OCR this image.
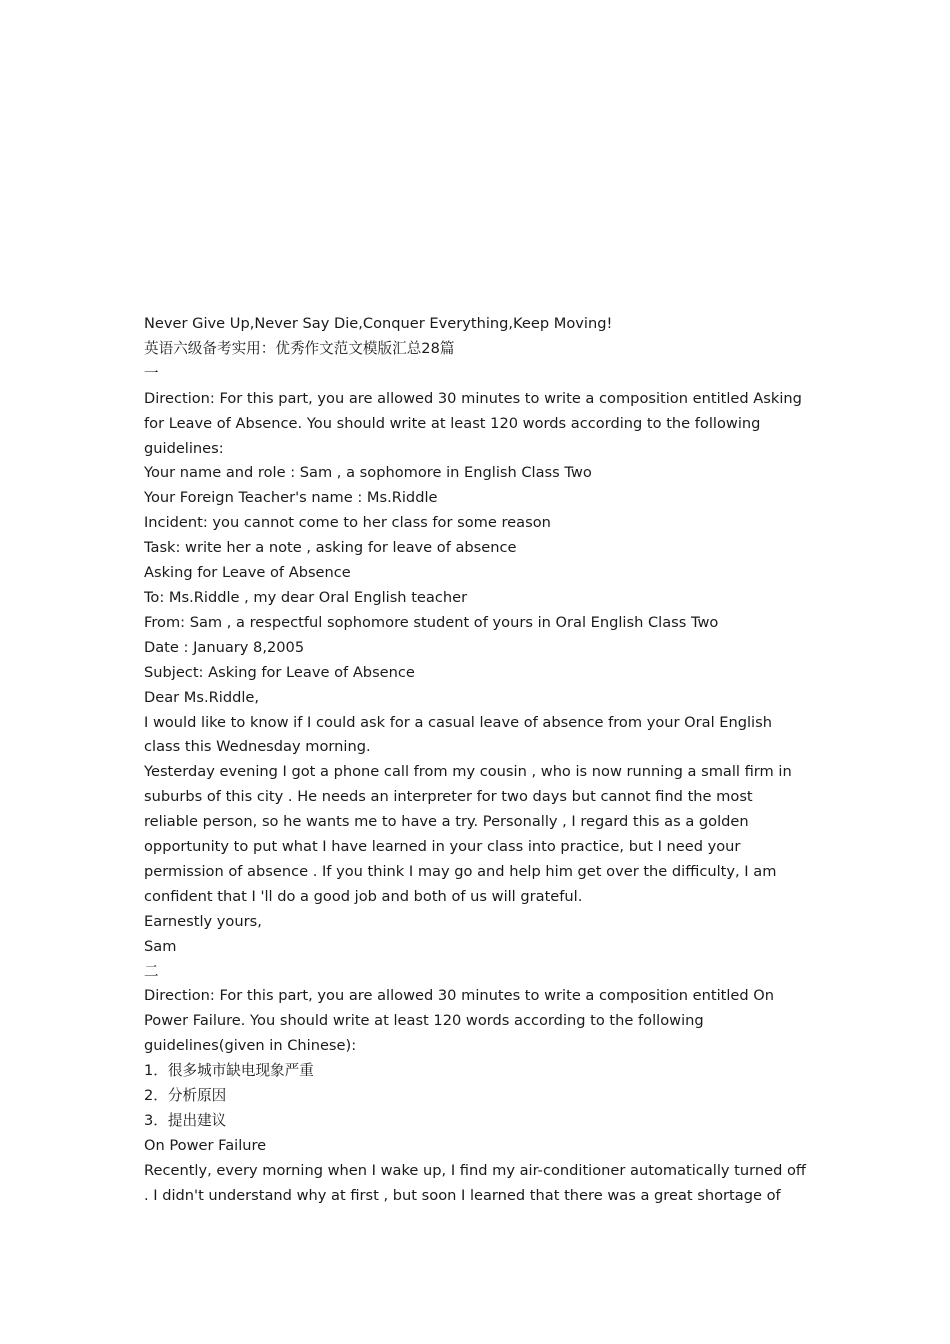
Never Give Up,Never Say Die,Conquer Everything,Keep Moving!

英语六级备考实用：优秀作文范文模版汇总28篇

一

Direction: For this part, you are allowed 30 minutes to write a composition entitled Asking for Leave of Absence. You should write at least 120 words according to the following guidelines:

Your name and role : Sam , a sophomore in English Class Two

Your Foreign Teacher's name : Ms.Riddle

Incident: you cannot come to her class for some reason

Task: write her a note , asking for leave of absence

Asking for Leave of Absence

To: Ms.Riddle , my dear Oral English teacher

From: Sam , a respectful sophomore student of yours in Oral English Class Two

Date : January 8,2005

Subject: Asking for Leave of Absence

Dear Ms.Riddle,

I would like to know if I could ask for a casual leave of absence from your Oral English class this Wednesday morning.

Yesterday evening I got a phone call from my cousin , who is now running a small firm in suburbs of this city . He needs an interpreter for two days but cannot find the most reliable person, so he wants me to have a try. Personally , I regard this as a golden opportunity to put what I have learned in your class into practice, but I need your permission of absence . If you think I may go and help him get over the difficulty, I am confident that I 'll do a good job and both of us will grateful.

Earnestly yours,

Sam

二

Direction: For this part, you are allowed 30 minutes to write a composition entitled On Power Failure. You should write at least 120 words according to the following guidelines(given in Chinese):

1．很多城市缺电现象严重

2．分析原因

3．提出建议

On Power Failure

Recently, every morning when I wake up, I find my air-conditioner automatically turned off . I didn't understand why at first , but soon I learned that there was a great shortage of
